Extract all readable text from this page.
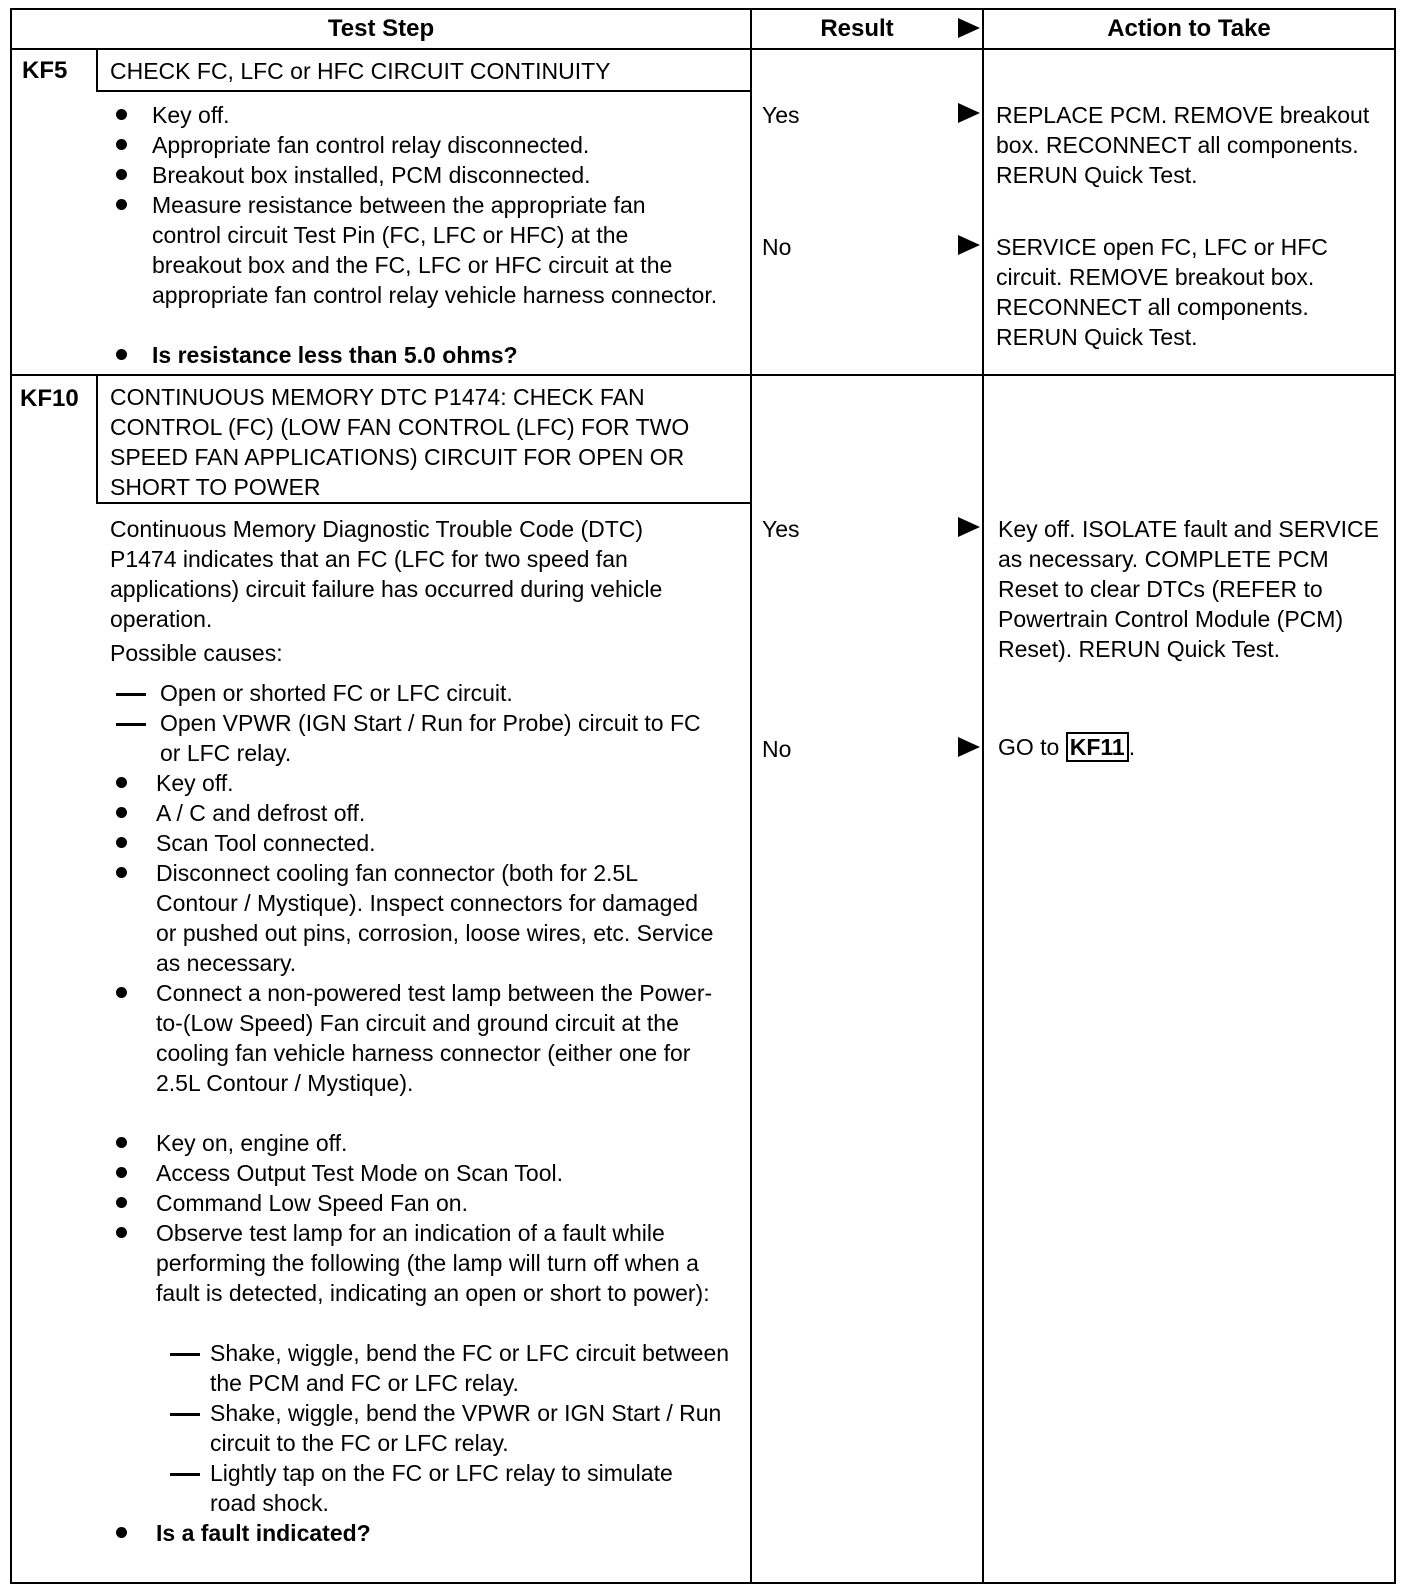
Test Step	Result	Action to Take
KF5 CHECK FC, LFC or HFC CIRCUIT CONTINUITY
Key off.
Appropriate fan control relay disconnected.
Breakout box installed, PCM disconnected.
Measure resistance between the appropriate fan control circuit Test Pin (FC, LFC or HFC) at the breakout box and the FC, LFC or HFC circuit at the appropriate fan control relay vehicle harness connector.
Is resistance less than 5.0 ohms?
Yes	REPLACE PCM. REMOVE breakout box. RECONNECT all components. RERUN Quick Test.
No	SERVICE open FC, LFC or HFC circuit. REMOVE breakout box. RECONNECT all components. RERUN Quick Test.
KF10 CONTINUOUS MEMORY DTC P1474: CHECK FAN CONTROL (FC) (LOW FAN CONTROL (LFC) FOR TWO SPEED FAN APPLICATIONS) CIRCUIT FOR OPEN OR SHORT TO POWER
Continuous Memory Diagnostic Trouble Code (DTC) P1474 indicates that an FC (LFC for two speed fan applications) circuit failure has occurred during vehicle operation.
Possible causes:
Open or shorted FC or LFC circuit.
Open VPWR (IGN Start / Run for Probe) circuit to FC or LFC relay.
Key off.
A / C and defrost off.
Scan Tool connected.
Disconnect cooling fan connector (both for 2.5L Contour / Mystique). Inspect connectors for damaged or pushed out pins, corrosion, loose wires, etc. Service as necessary.
Connect a non-powered test lamp between the Power-to-(Low Speed) Fan circuit and ground circuit at the cooling fan vehicle harness connector (either one for 2.5L Contour / Mystique).
Key on, engine off.
Access Output Test Mode on Scan Tool.
Command Low Speed Fan on.
Observe test lamp for an indication of a fault while performing the following (the lamp will turn off when a fault is detected, indicating an open or short to power):
Shake, wiggle, bend the FC or LFC circuit between the PCM and FC or LFC relay.
Shake, wiggle, bend the VPWR or IGN Start / Run circuit to the FC or LFC relay.
Lightly tap on the FC or LFC relay to simulate road shock.
Is a fault indicated?
Yes	Key off. ISOLATE fault and SERVICE as necessary. COMPLETE PCM Reset to clear DTCs (REFER to Powertrain Control Module (PCM) Reset). RERUN Quick Test.
No	GO to KF11 .
